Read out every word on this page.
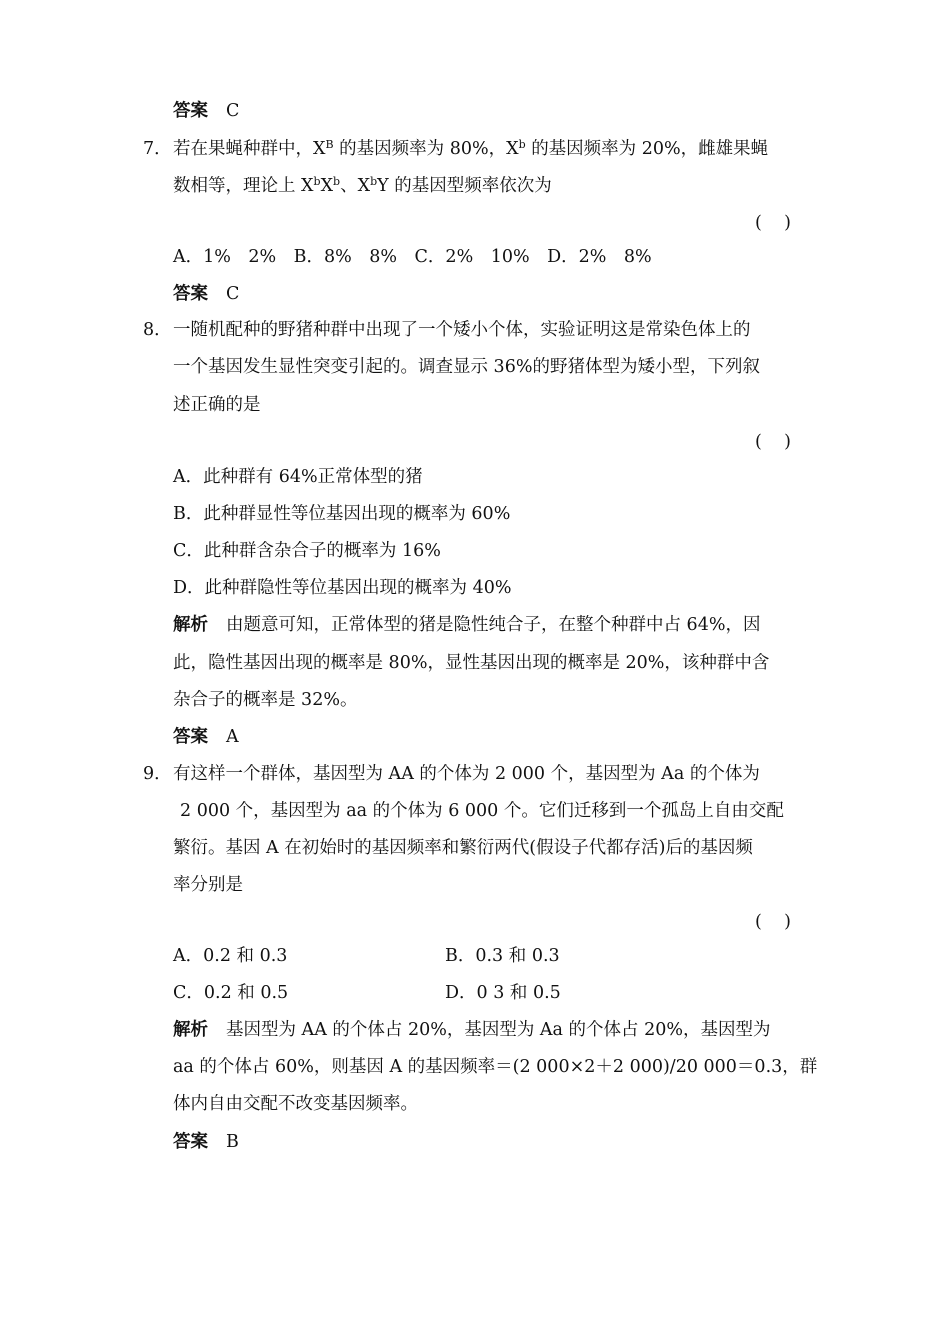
答案 C
7． 若在果蝇种群中，$X^B$ 的基因频率为 80%，$X^b$ 的基因频率为 20%，雌雄果蝇
数相等，理论上 $X^bX^b$、$X^bY$ 的基因型频率依次为
(    )
A．1%　2%　B．8%　8%　C．2%　10%　D．2%　8%
答案 C
8． 一随机配种的野猪种群中出现了一个矮小个体，实验证明这是常染色体上的
一个基因发生显性突变引起的。调查显示 36%的野猪体型为矮小型，下列叙
述正确的是
(    )
A．此种群有 64%正常体型的猪
B．此种群显性等位基因出现的概率为 60%
C．此种群含杂合子的概率为 16%
D．此种群隐性等位基因出现的概率为 40%
解析 由题意可知，正常体型的猪是隐性纯合子，在整个种群中占 64%，因
此，隐性基因出现的概率是 80%，显性基因出现的概率是 20%，该种群中含
杂合子的概率是 32%。
答案 A
9． 有这样一个群体，基因型为 AA 的个体为 2 000 个，基因型为 Aa 的个体为
2 000 个，基因型为 aa 的个体为 6 000 个。它们迁移到一个孤岛上自由交配
繁衍。基因 A 在初始时的基因频率和繁衍两代(假设子代都存活)后的基因频
率分别是
(    )
A．0.2 和 0.3	B．0.3 和 0.3
C．0.2 和 0.5	D．0 3 和 0.5
解析 基因型为 AA 的个体占 20%，基因型为 Aa 的个体占 20%，基因型为
aa 的个体占 60%，则基因 A 的基因频率＝(2 000×2＋2 000)/20 000＝0.3，群
体内自由交配不改变基因频率。
答案 B
